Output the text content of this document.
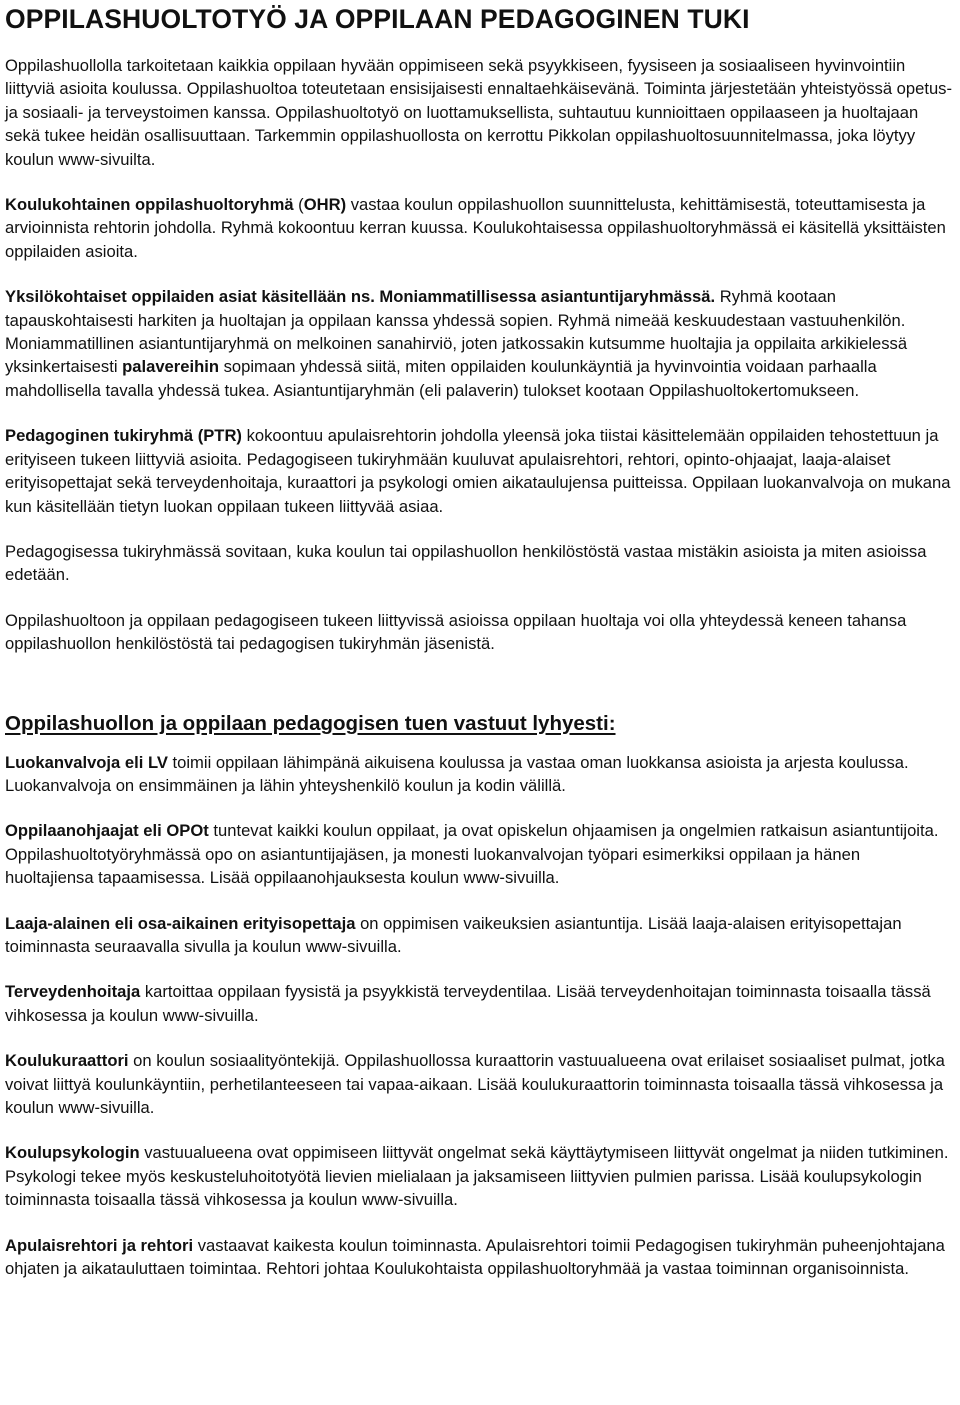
OPPILASHUOLTOTYÖ JA OPPILAAN PEDAGOGINEN TUKI

Oppilashuollolla tarkoitetaan kaikkia oppilaan hyvään oppimiseen sekä psyykkiseen, fyysiseen ja sosiaaliseen hyvinvointiin liittyviä asioita koulussa. Oppilashuoltoa toteutetaan ensisijaisesti ennaltaehkäisevänä. Toiminta järjestetään yhteistyössä opetus- ja sosiaali- ja terveystoimen kanssa. Oppilashuoltotyö on luottamuksellista, suhtautuu kunnioittaen oppilaaseen ja huoltajaan sekä tukee heidän osallisuuttaan. Tarkemmin oppilashuollosta on kerrottu Pikkolan oppilashuoltosuunnitelmassa, joka löytyy koulun www-sivuilta.

Koulukohtainen oppilashuoltoryhmä (OHR) vastaa koulun oppilashuollon suunnittelusta, kehittämisestä, toteuttamisesta ja arvioinnista rehtorin johdolla. Ryhmä kokoontuu kerran kuussa. Koulukohtaisessa oppilashuoltoryhmässä ei käsitellä yksittäisten oppilaiden asioita.

Yksilökohtaiset oppilaiden asiat käsitellään ns. Moniammatillisessa asiantuntijaryhmässä. Ryhmä kootaan tapauskohtaisesti harkiten ja huoltajan ja oppilaan kanssa yhdessä sopien. Ryhmä nimeää keskuudestaan vastuuhenkilön. Moniammatillinen asiantuntijaryhmä on melkoinen sanahirviö, joten jatkossakin kutsumme huoltajia ja oppilaita arkikielessä yksinkertaisesti palavereihin sopimaan yhdessä siitä, miten oppilaiden koulunkäyntiä ja hyvinvointia voidaan parhaalla mahdollisella tavalla yhdessä tukea. Asiantuntijaryhmän (eli palaverin) tulokset kootaan Oppilashuoltokertomukseen.

Pedagoginen tukiryhmä (PTR) kokoontuu apulaisrehtorin johdolla yleensä joka tiistai käsittelemään oppilaiden tehostettuun ja erityiseen tukeen liittyviä asioita. Pedagogiseen tukiryhmään kuuluvat apulaisrehtori, rehtori, opinto-ohjaajat, laaja-alaiset erityisopettajat sekä terveydenhoitaja, kuraattori ja psykologi omien aikataulujensa puitteissa. Oppilaan luokanvalvoja on mukana kun käsitellään tietyn luokan oppilaan tukeen liittyvää asiaa.

Pedagogisessa tukiryhmässä sovitaan, kuka koulun tai oppilashuollon henkilöstöstä vastaa mistäkin asioista ja miten asioissa edetään.

Oppilashuoltoon ja oppilaan pedagogiseen tukeen liittyvissä asioissa oppilaan huoltaja voi olla yhteydessä keneen tahansa oppilashuollon henkilöstöstä tai pedagogisen tukiryhmän jäsenistä.

Oppilashuollon ja oppilaan pedagogisen tuen vastuut lyhyesti:

Luokanvalvoja eli LV toimii oppilaan lähimpänä aikuisena koulussa ja vastaa oman luokkansa asioista ja arjesta koulussa. Luokanvalvoja on ensimmäinen ja lähin yhteyshenkilö koulun ja kodin välillä.

Oppilaanohjaajat eli OPOt tuntevat kaikki koulun oppilaat, ja ovat opiskelun ohjaamisen ja ongelmien ratkaisun asiantuntijoita. Oppilashuoltotyöryhmässä opo on asiantuntijajäsen, ja monesti luokanvalvojan työpari esimerkiksi oppilaan ja hänen huoltajiensa tapaamisessa. Lisää oppilaanohjauksesta koulun www-sivuilla.

Laaja-alainen eli osa-aikainen erityisopettaja on oppimisen vaikeuksien asiantuntija. Lisää laaja-alaisen erityisopettajan toiminnasta seuraavalla sivulla ja koulun www-sivuilla.

Terveydenhoitaja kartoittaa oppilaan fyysistä ja psyykkistä terveydentilaa. Lisää terveydenhoitajan toiminnasta toisaalla tässä vihkosessa ja koulun www-sivuilla.

Koulukuraattori on koulun sosiaalityöntekijä. Oppilashuollossa kuraattorin vastuualueena ovat erilaiset sosiaaliset pulmat, jotka voivat liittyä koulunkäyntiin, perhetilanteeseen tai vapaa-aikaan. Lisää koulukuraattorin toiminnasta toisaalla tässä vihkosessa ja koulun www-sivuilla.

Koulupsykologin vastuualueena ovat oppimiseen liittyvät ongelmat sekä käyttäytymiseen liittyvät ongelmat ja niiden tutkiminen. Psykologi tekee myös keskusteluhoitotyötä lievien mielialaan ja jaksamiseen liittyvien pulmien parissa. Lisää koulupsykologin toiminnasta toisaalla tässä vihkosessa ja koulun www-sivuilla.

Apulaisrehtori ja rehtori vastaavat kaikesta koulun toiminnasta. Apulaisrehtori toimii Pedagogisen tukiryhmän puheenjohtajana ohjaten ja aikatauluttaen toimintaa. Rehtori johtaa Koulukohtaista oppilashuoltoryhmää ja vastaa toiminnan organisoinnista.
